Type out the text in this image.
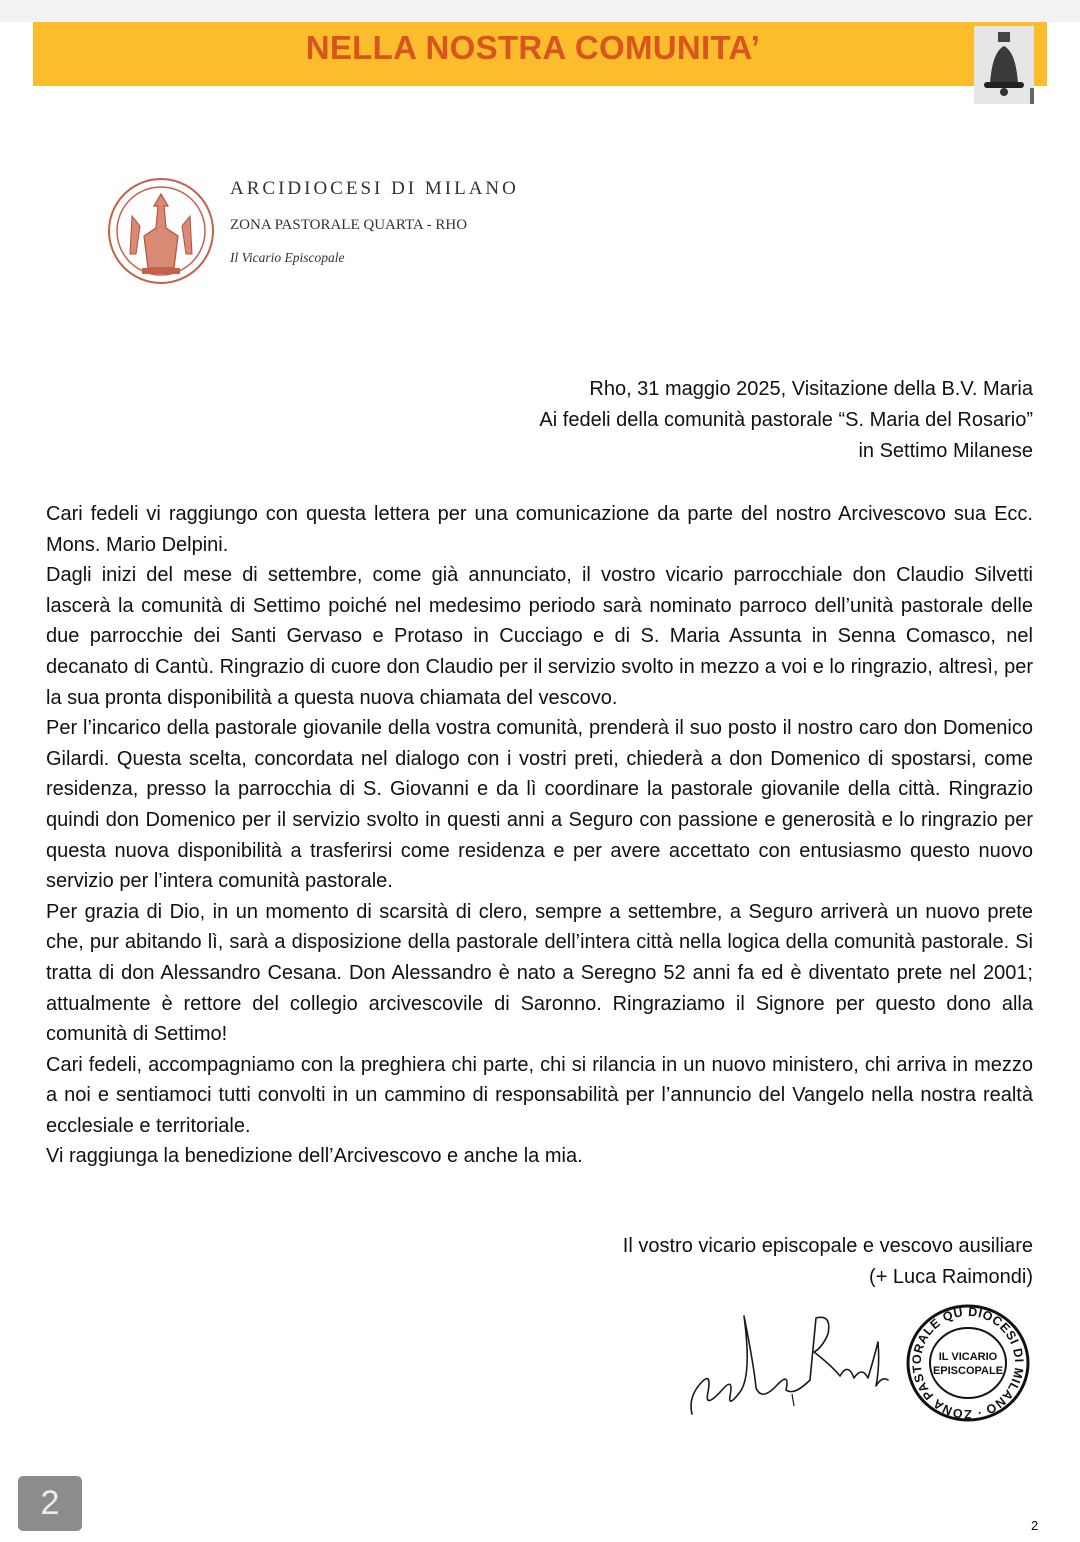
NELLA NOSTRA COMUNITA’
ARCIDIOCESI DI MILANO
ZONA PASTORALE QUARTA - RHO
Il Vicario Episcopale
Rho, 31 maggio 2025, Visitazione della B.V. Maria
Ai fedeli della comunità pastorale “S. Maria del Rosario”
in Settimo Milanese

Cari fedeli vi raggiungo con questa lettera per una comunicazione da parte del nostro Arcivescovo sua Ecc. Mons. Mario Delpini.

Dagli inizi del mese di settembre, come già annunciato, il vostro vicario parrocchiale don Claudio Silvetti lascerà la comunità di Settimo poiché nel medesimo periodo sarà nominato parroco dell’unità pastorale delle due parrocchie dei Santi Gervaso e Protaso in Cucciago e di S. Maria Assunta in Senna Comasco, nel decanato di Cantù. Ringrazio di cuore don Claudio per il servizio svolto in mezzo a voi e lo ringrazio, altresì, per la sua pronta disponibilità a questa nuova chiamata del vescovo.

Per l’incarico della pastorale giovanile della vostra comunità, prenderà il suo posto il nostro caro don Domenico Gilardi. Questa scelta, concordata nel dialogo con i vostri preti, chiederà a don Domenico di spostarsi, come residenza, presso la parrocchia di S. Giovanni e da lì coordinare la pastorale giovanile della città. Ringrazio quindi don Domenico per il servizio svolto in questi anni a Seguro con passione e generosità e lo ringrazio per questa nuova disponibilità a trasferirsi come residenza e per avere accettato con entusiasmo questo nuovo servizio per l’intera comunità pastorale.

Per grazia di Dio, in un momento di scarsità di clero, sempre a settembre, a Seguro arriverà un nuovo prete che, pur abitando lì, sarà a disposizione della pastorale dell’intera città nella logica della comunità pastorale. Si tratta di don Alessandro Cesana. Don Alessandro è nato a Seregno 52 anni fa ed è diventato prete nel 2001; attualmente è rettore del collegio arcivescovile di Saronno. Ringraziamo il Signore per questo dono alla comunità di Settimo!

Cari fedeli, accompagniamo con la preghiera chi parte, chi si rilancia in un nuovo ministero, chi arriva in mezzo a noi e sentiamoci tutti convolti in un cammino di responsabilità per l’annuncio del Vangelo nella nostra realtà ecclesiale e territoriale.

Vi raggiunga la benedizione dell’Arcivescovo e anche la mia.

Il vostro vicario episcopale e vescovo ausiliare
(+ Luca Raimondi)
DIOCESI DI MILANO · ZONA PASTORALE QU
IL VICARIO
EPISCOPALE
2
2
